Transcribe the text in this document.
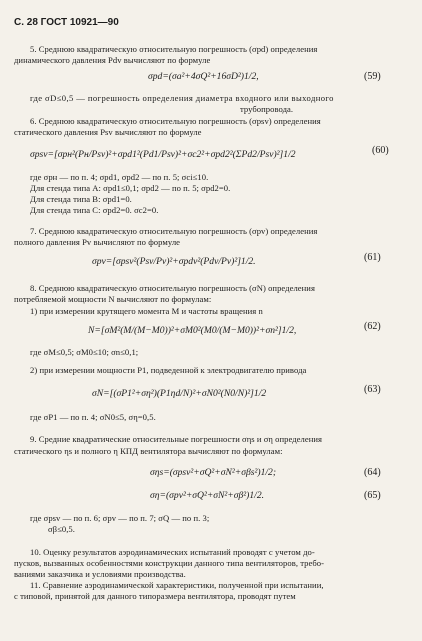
С. 28 ГОСТ 10921—90
5. Среднюю квадратическую относительную погрешность (σpd) определения
динамического давления Pdv вычисляют по формуле
σpd=(σa²+4σQ²+16σD²)1/2,	(59)
где σD≤0,5 — погрешность определения диаметра входного или выходного
трубопровода.
6. Среднюю квадратическую относительную погрешность (σpsv) определения
статического давления Psv вычисляют по формуле
σpsv=[σpн²(Pн/Psv)²+σpd1²(Pd1/Psv)²+σc2²+σpd2²(ΣPd2/Psv)²]1/2	(60)
где σpн — по п. 4; σpd1, σpd2 — по п. 5; σсi≤10.
Для стенда типа А: σpd1≤0,1; σpd2 — по п. 5; σpd2=0.
Для стенда типа В: σpd1=0.
Для стенда типа С: σpd2=0. σc2=0.
7. Среднюю квадратическую относительную погрешность (σpv) определения
полного давления Pv вычисляют по формуле
σpv=[σpsv²(Psv/Pv)²+σpdv²(Pdv/Pv)²]1/2.	(61)
8. Среднюю квадратическую относительную погрешность (σN) определения
потребляемой мощности N вычисляют по формулам:
1) при измерении крутящего момента М и частоты вращения n
N=[σM²(M/(M−M0))²+σM0²(M0/(M−M0))²+σn²]1/2,	(62)
где σM≤0,5; σM0≤10; σn≤0,1;
2) при измерении мощности P1, подведенной к электродвигателю привода
σN=[(σP1²+ση²)(P1ηd/N)²+σN0²(N0/N)²]1/2	(63)
где σP1 — по п. 4; σN0≤5, ση=0,5.
9. Средние квадратические относительные погрешности σηs и ση определения
статического ηs и полного η КПД вентилятора вычисляют по формулам:
σηs=(σpsv²+σQ²+σN²+σβs²)1/2;	(64)
ση=(σpv²+σQ²+σN²+σβ²)1/2.	(65)
где σpsv — по п. 6; σpv — по п. 7; σQ — по п. 3;
σβ≤0,5.
10. Оценку результатов аэродинамических испытаний проводят с учетом до-
пусков, вызванных особенностями конструкции данного типа вентиляторов, требо-
ваниями заказчика и условиями производства.
11. Сравнение аэродинамической характеристики, полученной при испытании,
с типовой, принятой для данного типоразмера вентилятора, проводят путем
